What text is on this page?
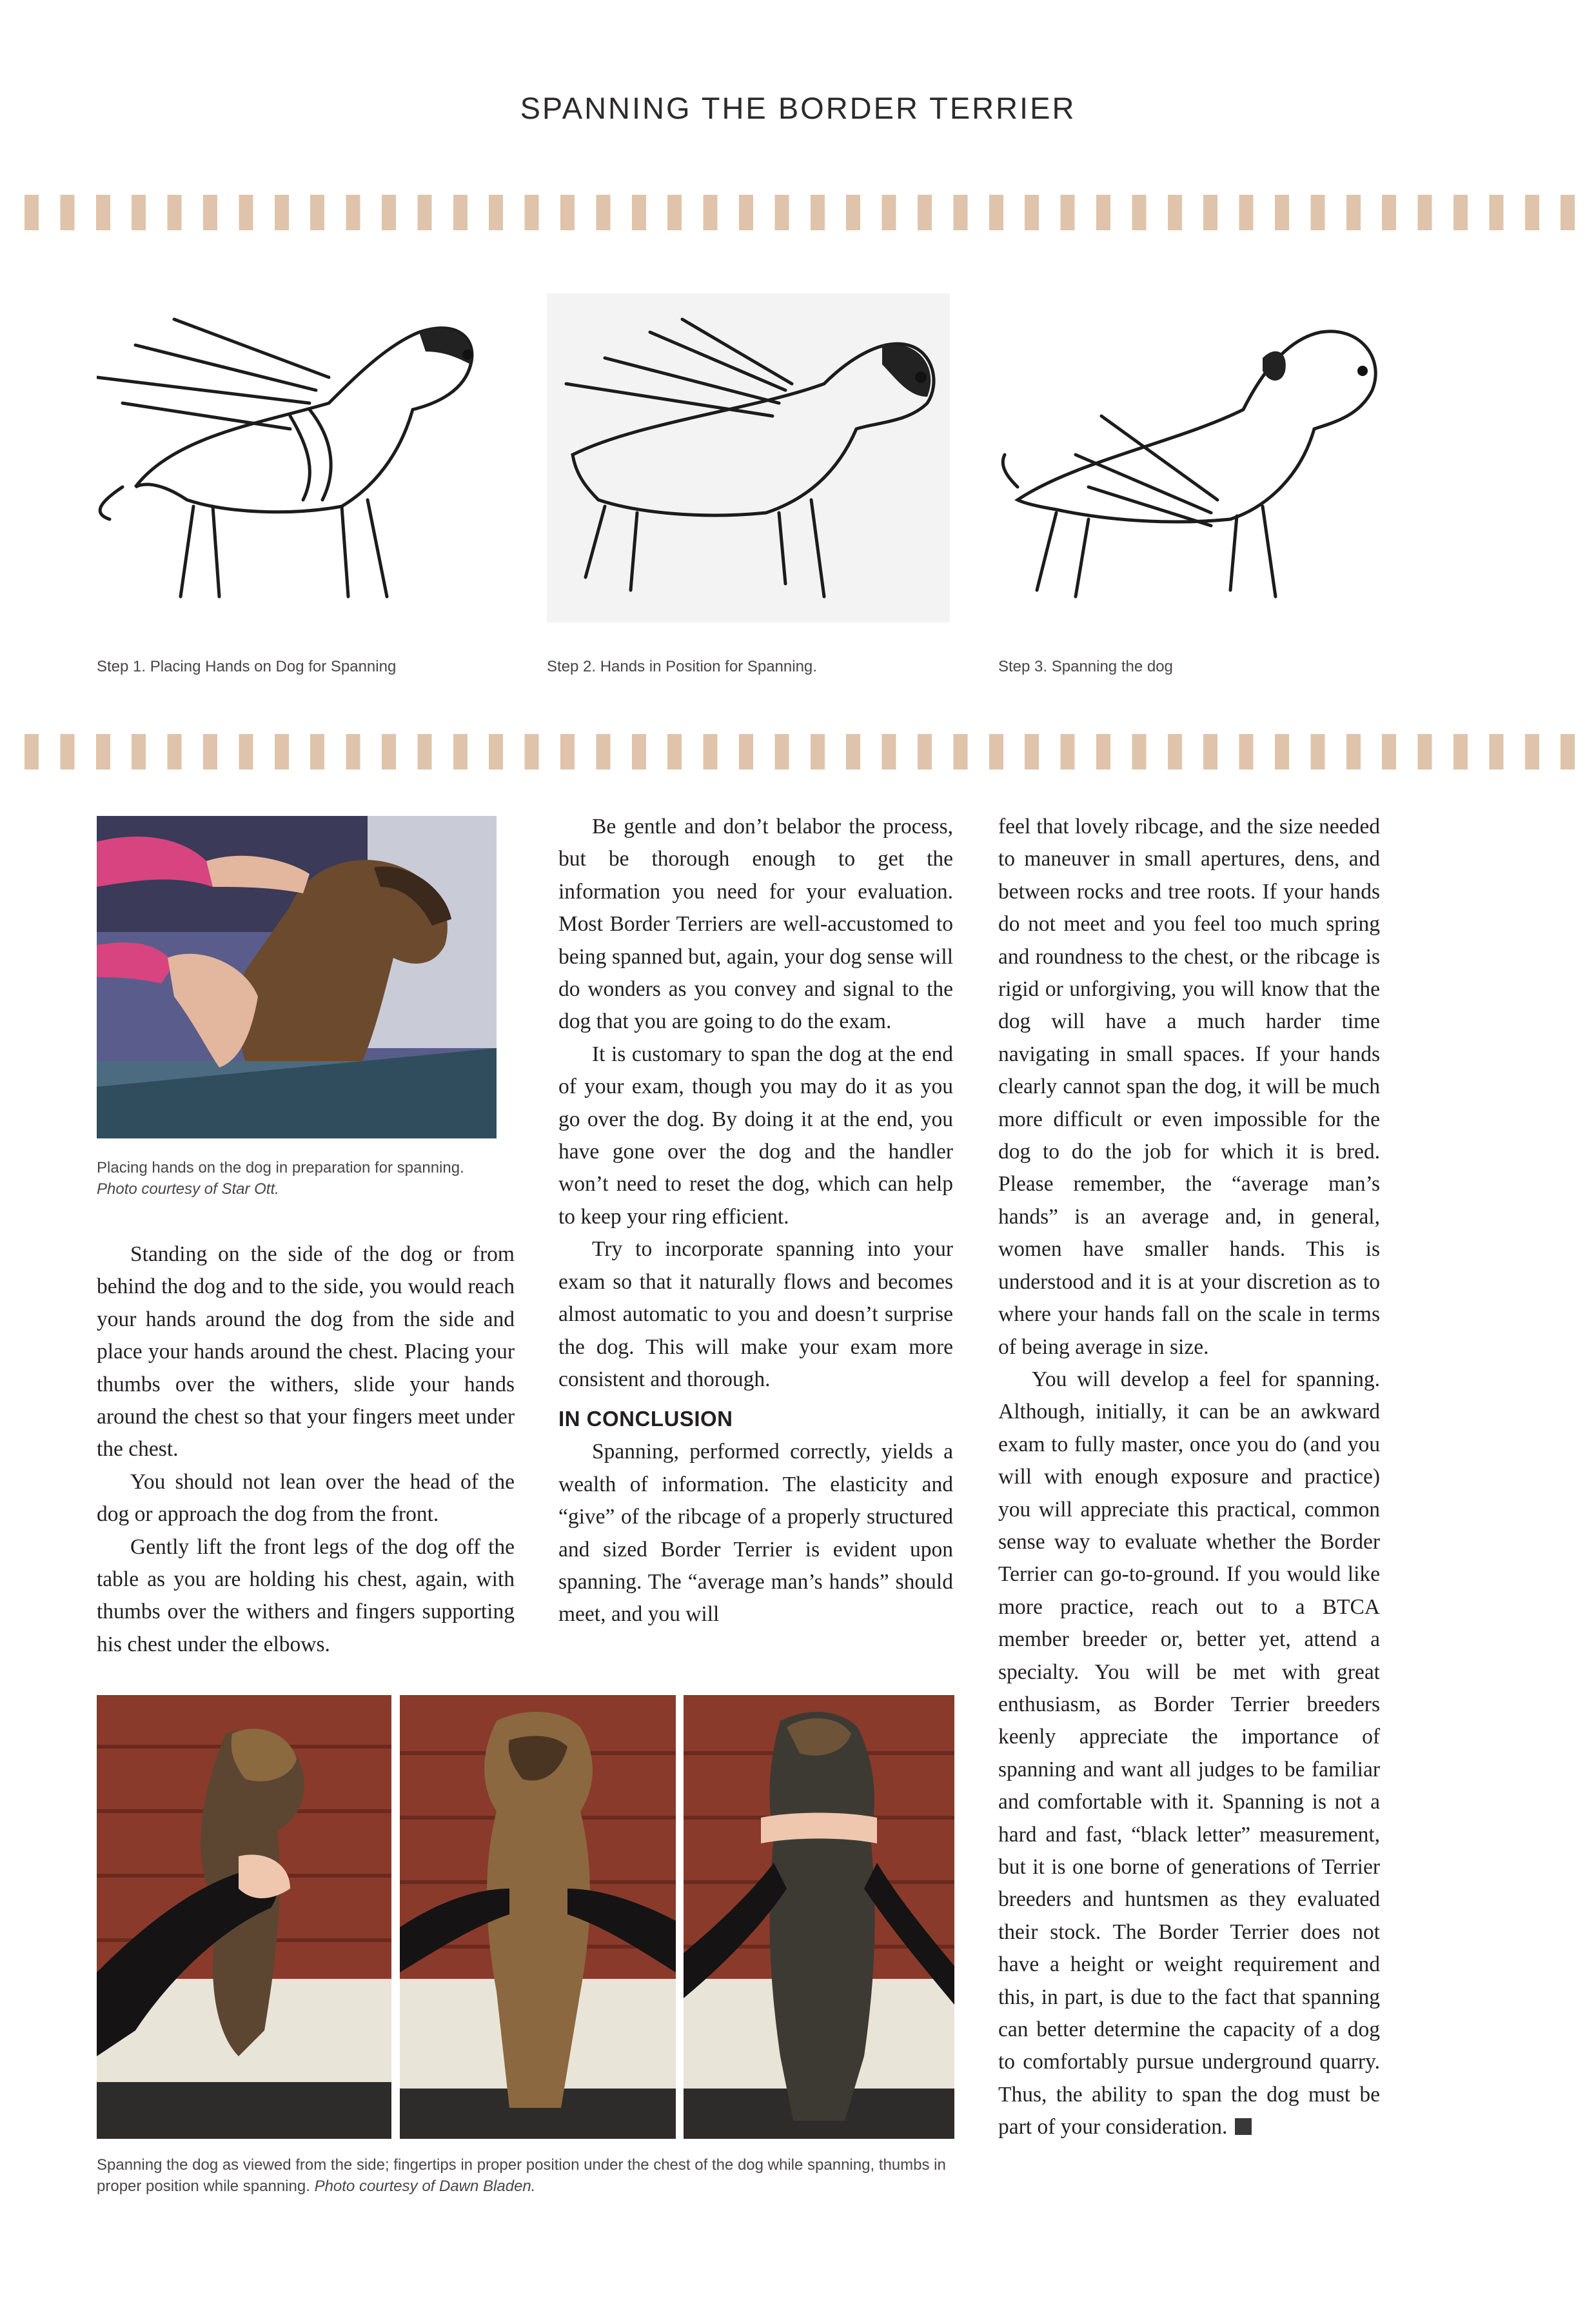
SPANNING THE BORDER TERRIER
Step 1. Placing Hands on Dog for Spanning	Step 2. Hands in Position for Spanning.	Step 3. Spanning the dog
Placing hands on the dog in preparation for spanning. Photo courtesy of Star Ott.

Standing on the side of the dog or from behind the dog and to the side, you would reach your hands around the dog from the side and place your hands around the chest. Placing your thumbs over the withers, slide your hands around the chest so that your fingers meet under the chest.

You should not lean over the head of the dog or approach the dog from the front.

Gently lift the front legs of the dog off the table as you are holding his chest, again, with thumbs over the withers and fingers supporting his chest under the elbows.

Be gentle and don’t belabor the process, but be thorough enough to get the information you need for your evaluation. Most Border Terriers are well-accustomed to being spanned but, again, your dog sense will do wonders as you convey and signal to the dog that you are going to do the exam.

It is customary to span the dog at the end of your exam, though you may do it as you go over the dog. By doing it at the end, you have gone over the dog and the handler won’t need to reset the dog, which can help to keep your ring efficient.

Try to incorporate spanning into your exam so that it naturally flows and becomes almost automatic to you and doesn’t surprise the dog. This will make your exam more consistent and thorough.

IN CONCLUSION

Spanning, performed correctly, yields a wealth of information. The elasticity and “give” of the ribcage of a properly structured and sized Border Terrier is evident upon spanning. The “average man’s hands” should meet, and you will

feel that lovely ribcage, and the size needed to maneuver in small apertures, dens, and between rocks and tree roots. If your hands do not meet and you feel too much spring and roundness to the chest, or the ribcage is rigid or unforgiving, you will know that the dog will have a much harder time navigating in small spaces. If your hands clearly cannot span the dog, it will be much more difficult or even impossible for the dog to do the job for which it is bred. Please remember, the “average man’s hands” is an average and, in general, women have smaller hands. This is understood and it is at your discretion as to where your hands fall on the scale in terms of being average in size.

You will develop a feel for spanning. Although, initially, it can be an awkward exam to fully master, once you do (and you will with enough exposure and practice) you will appreciate this practical, common sense way to evaluate whether the Border Terrier can go-to-ground. If you would like more practice, reach out to a BTCA member breeder or, better yet, attend a specialty. You will be met with great enthusiasm, as Border Terrier breeders keenly appreciate the importance of spanning and want all judges to be familiar and comfortable with it. Spanning is not a hard and fast, “black letter” measurement, but it is one borne of generations of Terrier breeders and huntsmen as they evaluated their stock. The Border Terrier does not have a height or weight requirement and this, in part, is due to the fact that spanning can better determine the capacity of a dog to comfortably pursue underground quarry. Thus, the ability to span the dog must be part of your consideration.

Spanning the dog as viewed from the side; fingertips in proper position under the chest of the dog while spanning, thumbs in proper position while spanning. Photo courtesy of Dawn Bladen.
